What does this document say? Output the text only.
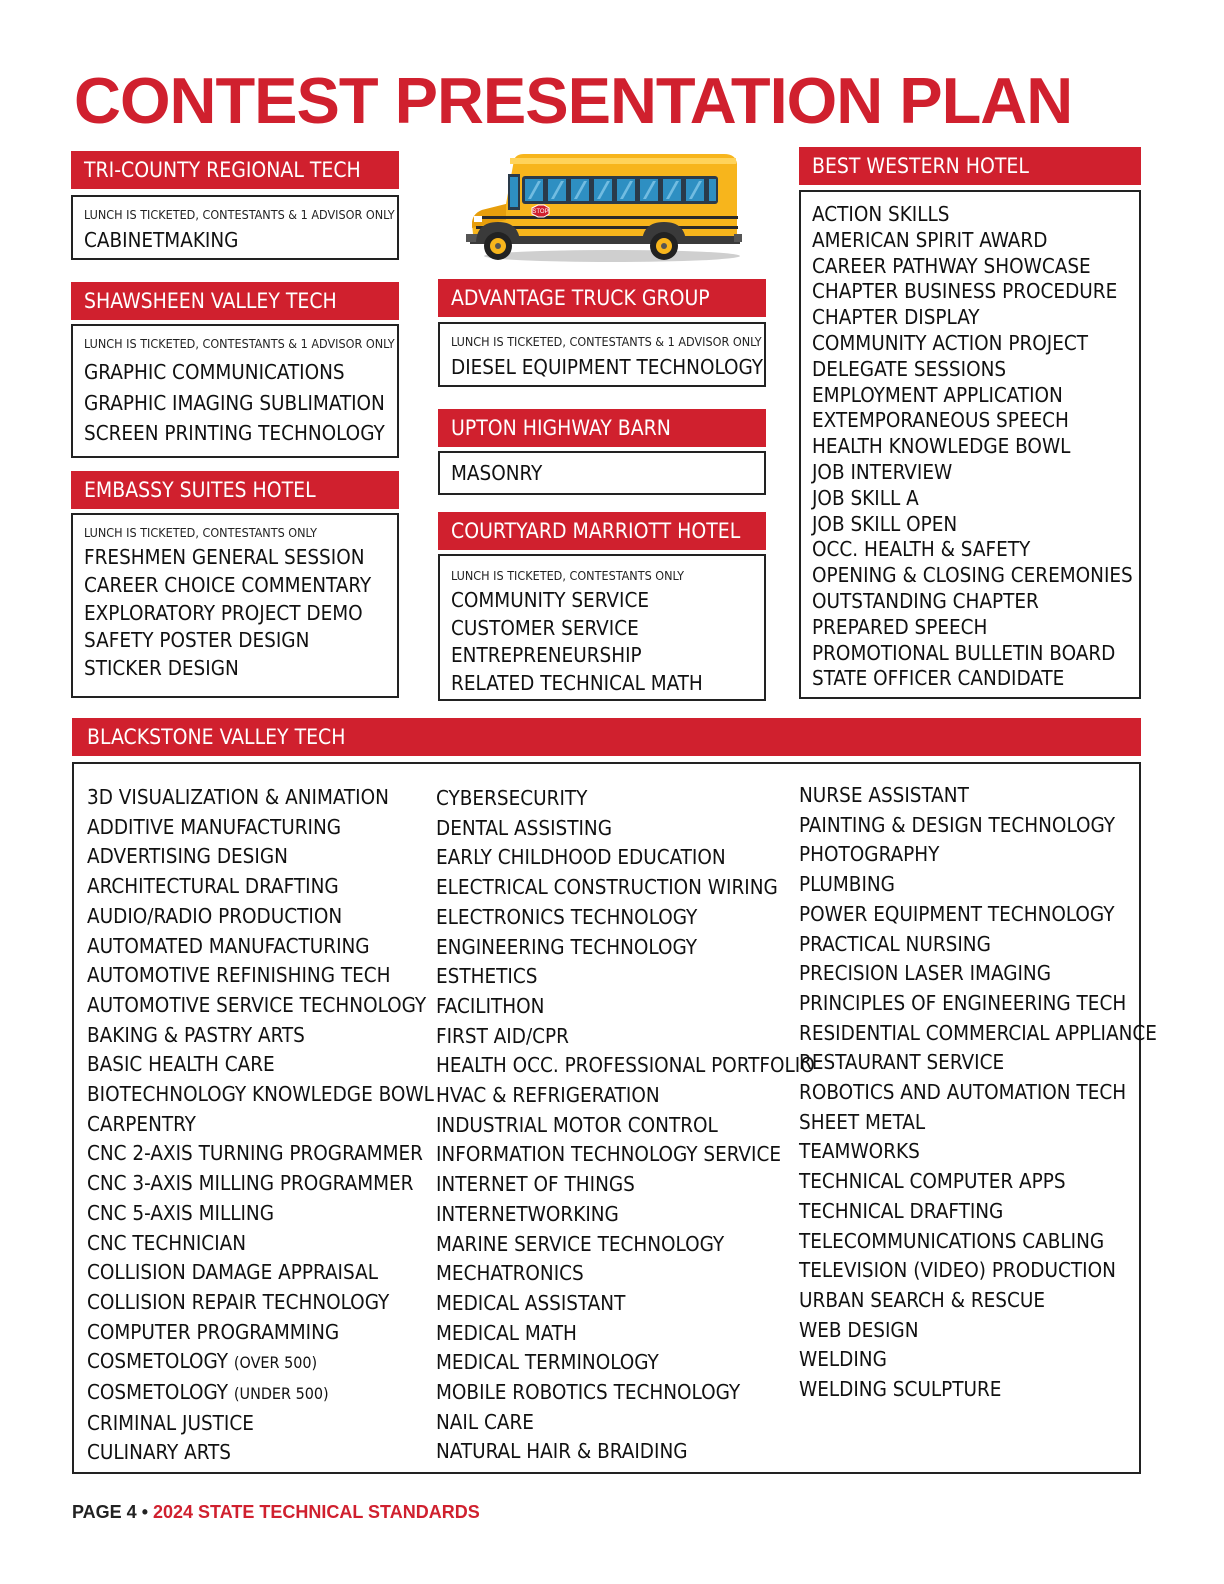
CONTEST PRESENTATION PLAN
TRI-COUNTY REGIONAL TECH
LUNCH IS TICKETED, CONTESTANTS & 1 ADVISOR ONLY
CABINETMAKING
SHAWSHEEN VALLEY TECH
LUNCH IS TICKETED, CONTESTANTS & 1 ADVISOR ONLY
GRAPHIC COMMUNICATIONS
GRAPHIC IMAGING SUBLIMATION
SCREEN PRINTING TECHNOLOGY
EMBASSY SUITES HOTEL
LUNCH IS TICKETED, CONTESTANTS ONLY
FRESHMEN GENERAL SESSION
CAREER CHOICE COMMENTARY
EXPLORATORY PROJECT DEMO
SAFETY POSTER DESIGN
STICKER DESIGN
STOP
ADVANTAGE TRUCK GROUP
LUNCH IS TICKETED, CONTESTANTS & 1 ADVISOR ONLY
DIESEL EQUIPMENT TECHNOLOGY
UPTON HIGHWAY BARN
MASONRY
COURTYARD MARRIOTT HOTEL
LUNCH IS TICKETED, CONTESTANTS ONLY
COMMUNITY SERVICE
CUSTOMER SERVICE
ENTREPRENEURSHIP
RELATED TECHNICAL MATH
BEST WESTERN HOTEL
ACTION SKILLS
AMERICAN SPIRIT AWARD
CAREER PATHWAY SHOWCASE
CHAPTER BUSINESS PROCEDURE
CHAPTER DISPLAY
COMMUNITY ACTION PROJECT
DELEGATE SESSIONS
EMPLOYMENT APPLICATION
EXTEMPORANEOUS SPEECH
HEALTH KNOWLEDGE BOWL
JOB INTERVIEW
JOB SKILL A
JOB SKILL OPEN
OCC. HEALTH & SAFETY
OPENING & CLOSING CEREMONIES
OUTSTANDING CHAPTER
PREPARED SPEECH
PROMOTIONAL BULLETIN BOARD
STATE OFFICER CANDIDATE
BLACKSTONE VALLEY TECH
3D VISUALIZATION & ANIMATION
ADDITIVE MANUFACTURING
ADVERTISING DESIGN
ARCHITECTURAL DRAFTING
AUDIO/RADIO PRODUCTION
AUTOMATED MANUFACTURING
AUTOMOTIVE REFINISHING TECH
AUTOMOTIVE SERVICE TECHNOLOGY
BAKING & PASTRY ARTS
BASIC HEALTH CARE
BIOTECHNOLOGY KNOWLEDGE BOWL
CARPENTRY
CNC 2-AXIS TURNING PROGRAMMER
CNC 3-AXIS MILLING PROGRAMMER
CNC 5-AXIS MILLING
CNC TECHNICIAN
COLLISION DAMAGE APPRAISAL
COLLISION REPAIR TECHNOLOGY
COMPUTER PROGRAMMING
COSMETOLOGY (OVER 500)
COSMETOLOGY (UNDER 500)
CRIMINAL JUSTICE
CULINARY ARTS
CYBERSECURITY
DENTAL ASSISTING
EARLY CHILDHOOD EDUCATION
ELECTRICAL CONSTRUCTION WIRING
ELECTRONICS TECHNOLOGY
ENGINEERING TECHNOLOGY
ESTHETICS
FACILITHON
FIRST AID/CPR
HEALTH OCC. PROFESSIONAL PORTFOLIO
HVAC & REFRIGERATION
INDUSTRIAL MOTOR CONTROL
INFORMATION TECHNOLOGY SERVICE
INTERNET OF THINGS
INTERNETWORKING
MARINE SERVICE TECHNOLOGY
MECHATRONICS
MEDICAL ASSISTANT
MEDICAL MATH
MEDICAL TERMINOLOGY
MOBILE ROBOTICS TECHNOLOGY
NAIL CARE
NATURAL HAIR & BRAIDING
NURSE ASSISTANT
PAINTING & DESIGN TECHNOLOGY
PHOTOGRAPHY
PLUMBING
POWER EQUIPMENT TECHNOLOGY
PRACTICAL NURSING
PRECISION LASER IMAGING
PRINCIPLES OF ENGINEERING TECH
RESIDENTIAL COMMERCIAL APPLIANCE
RESTAURANT SERVICE
ROBOTICS AND AUTOMATION TECH
SHEET METAL
TEAMWORKS
TECHNICAL COMPUTER APPS
TECHNICAL DRAFTING
TELECOMMUNICATIONS CABLING
TELEVISION (VIDEO) PRODUCTION
URBAN SEARCH & RESCUE
WEB DESIGN
WELDING
WELDING SCULPTURE
PAGE 4 • 2024 STATE TECHNICAL STANDARDS
